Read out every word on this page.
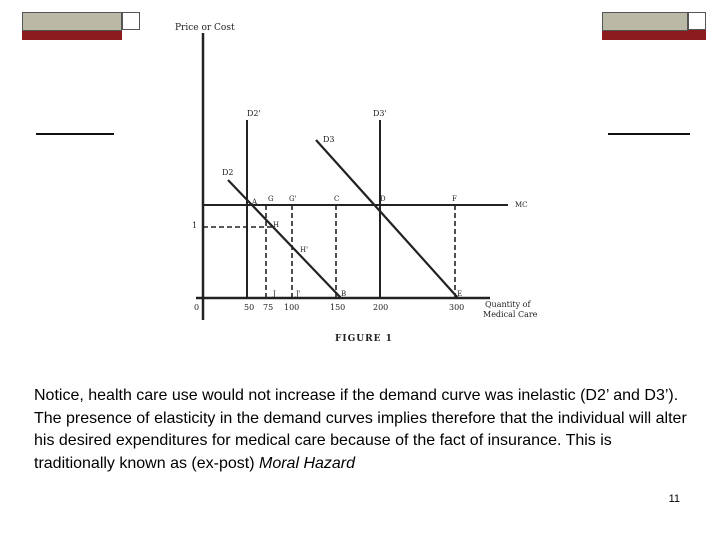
Price or Cost
Quantity of
Medical Care
MC
1
0
D2'	D3'
D3
D2
A G G'	C	D	F
H
H'
J	J'	B	E
50 75 100	150	200	300
FIGURE 1
Notice, health care use would not increase if the demand curve was inelastic (D2’ and D3’). The presence of elasticity in the demand curves implies therefore that the individual will alter his desired expenditures for medical care because of the fact of insurance. This is traditionally known as (ex-post) Moral Hazard
11
